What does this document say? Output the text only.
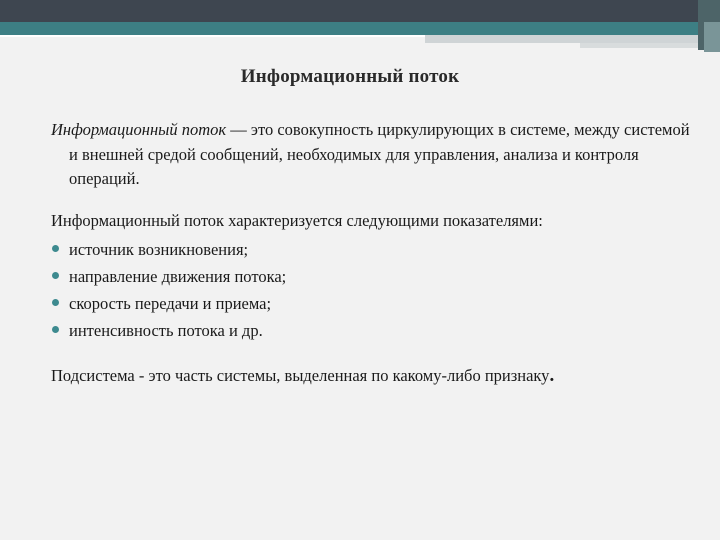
Информационный поток

Информационный поток — это совокупность циркулирующих в системе, между системой и внешней средой сообщений, необходимых для управления, анализа и контроля операций.

Информационный поток характеризуется следующими показателями:

источник возникновения;
направление движения потока;
скорость передачи и приема;
интенсивность потока и др.

Подсистема - это часть системы, выделенная по какому-либо признаку.
